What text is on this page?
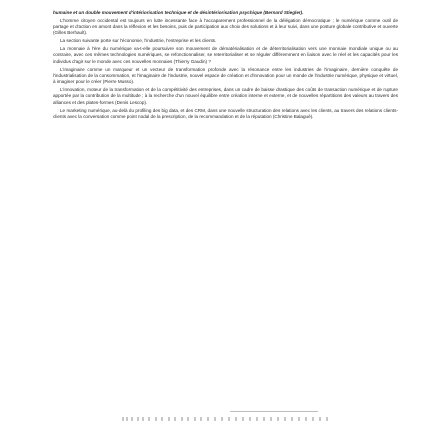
humaine et un double mouvement d'intériorisation technique et de désintériorisation psychique (Bernard Stiegler).

L'homme citoyen occidental est toujours en lutte incessante face à l'accaparement professionnel de la délégation démocratique ; le numérique comme outil de partage et d'action en amont dans la réflexion et les besoins, puis de participation aux choix des solutions et à leur suivi, dans une posture globale contributive et ouverte (Gilles Berhault).

La section suivante porte sur l'économie, l'industrie, l'entreprise et les clients.

La monnaie à l'ère du numérique va-t-elle poursuivre son mouvement de dématérialisation et de déterritorialisation vers une monnaie mondiale unique ou au contraire, avec ces mêmes technologies numériques, se refonctionnaliser, se reterritorialiser et se réguler différemment en liaison avec le réel et les capacités pour les individus d'agir sur le monde avec ces nouvelles monnaies (Thierry Gaudin) ?

L'imaginaire comme un marqueur et un vecteur de transformation profonde avec la résonance entre les industries de l'imaginaire, dernière conquête de l'industrialisation de la consommation, et l'imaginaire de l'industrie, nouvel espace de création et d'innovation pour un monde de l'industrie numérique, physique et virtuel, à imaginer pour le créer (Pierre Musso).

L'innovation, moteur de la transformation et de la compétitivité des entreprises, dans un cadre de baisse drastique des coûts de transaction numérique et de rupture apportée par la contribution de la multitude ; à la recherche d'un nouvel équilibre entre création interne et externe, et de nouvelles répartitions des valeurs au travers des alliances et des plates-formes (Denis Lescop).

Le marketing numérique, au-delà du profiling des big data, et des CRM, dans une nouvelle structuration des relations avec les clients, au travers des relations clients-clients avec la conversation comme point nodal de la prescription, de la recommandation et de la réputation (Christine Balagué).
